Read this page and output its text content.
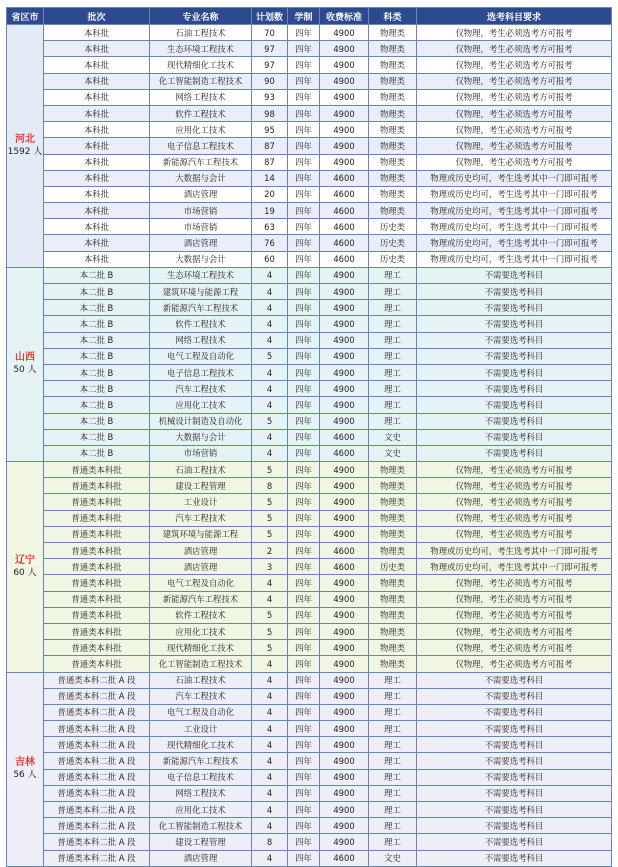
省区市	批次	专业名称	计划数	学制	收费标准	科类	选考科目要求

河北
1592 人	本科批	石油工程技术	70	四年	4900	物理类	仅物理，考生必须选考方可报考
	本科批	生态环境工程技术	97	四年	4900	物理类	仅物理，考生必须选考方可报考
	本科批	现代精细化工技术	97	四年	4900	物理类	仅物理，考生必须选考方可报考
	本科批	化工智能制造工程技术	90	四年	4900	物理类	仅物理，考生必须选考方可报考
	本科批	网络工程技术	93	四年	4900	物理类	仅物理，考生必须选考方可报考
	本科批	软件工程技术	98	四年	4900	物理类	仅物理，考生必须选考方可报考
	本科批	应用化工技术	95	四年	4900	物理类	仅物理，考生必须选考方可报考
	本科批	电子信息工程技术	87	四年	4900	物理类	仅物理，考生必须选考方可报考
	本科批	新能源汽车工程技术	87	四年	4900	物理类	仅物理，考生必须选考方可报考
	本科批	大数据与会计	14	四年	4600	物理类	物理或历史均可，考生选考其中一门即可报考
	本科批	酒店管理	20	四年	4600	物理类	物理或历史均可，考生选考其中一门即可报考
	本科批	市场营销	19	四年	4600	物理类	物理或历史均可，考生选考其中一门即可报考
	本科批	市场营销	63	四年	4600	历史类	物理或历史均可，考生选考其中一门即可报考
	本科批	酒店管理	76	四年	4600	历史类	物理或历史均可，考生选考其中一门即可报考
	本科批	大数据与会计	60	四年	4600	历史类	物理或历史均可，考生选考其中一门即可报考

山西
50 人	本二批 B	生态环境工程技术	4	四年	4900	理工	不需要选考科目
	本二批 B	建筑环境与能源工程	4	四年	4900	理工	不需要选考科目
	本二批 B	新能源汽车工程技术	4	四年	4900	理工	不需要选考科目
	本二批 B	软件工程技术	4	四年	4900	理工	不需要选考科目
	本二批 B	网络工程技术	4	四年	4900	理工	不需要选考科目
	本二批 B	电气工程及自动化	5	四年	4900	理工	不需要选考科目
	本二批 B	电子信息工程技术	4	四年	4900	理工	不需要选考科目
	本二批 B	汽车工程技术	4	四年	4900	理工	不需要选考科目
	本二批 B	应用化工技术	4	四年	4900	理工	不需要选考科目
	本二批 B	机械设计制造及自动化	5	四年	4900	理工	不需要选考科目
	本二批 B	大数据与会计	4	四年	4600	文史	不需要选考科目
	本二批 B	市场营销	4	四年	4600	文史	不需要选考科目

辽宁
60 人	普通类本科批	石油工程技术	5	四年	4900	物理类	仅物理，考生必须选考方可报考
	普通类本科批	建设工程管理	8	四年	4900	物理类	仅物理，考生必须选考方可报考
	普通类本科批	工业设计	5	四年	4900	物理类	仅物理，考生必须选考方可报考
	普通类本科批	汽车工程技术	5	四年	4900	物理类	仅物理，考生必须选考方可报考
	普通类本科批	建筑环境与能源工程	5	四年	4900	物理类	仅物理，考生必须选考方可报考
	普通类本科批	酒店管理	2	四年	4600	物理类	物理或历史均可，考生选考其中一门即可报考
	普通类本科批	酒店管理	3	四年	4600	历史类	物理或历史均可，考生选考其中一门即可报考
	普通类本科批	电气工程及自动化	4	四年	4900	物理类	仅物理，考生必须选考方可报考
	普通类本科批	新能源汽车工程技术	4	四年	4900	物理类	仅物理，考生必须选考方可报考
	普通类本科批	软件工程技术	5	四年	4900	物理类	仅物理，考生必须选考方可报考
	普通类本科批	应用化工技术	5	四年	4900	物理类	仅物理，考生必须选考方可报考
	普通类本科批	现代精细化工技术	5	四年	4900	物理类	仅物理，考生必须选考方可报考
	普通类本科批	化工智能制造工程技术	4	四年	4900	物理类	仅物理，考生必须选考方可报考

吉林
56 人	普通类本科二批 A 段	石油工程技术	4	四年	4900	理工	不需要选考科目
	普通类本科二批 A 段	汽车工程技术	4	四年	4900	理工	不需要选考科目
	普通类本科二批 A 段	电气工程及自动化	4	四年	4900	理工	不需要选考科目
	普通类本科二批 A 段	工业设计	4	四年	4900	理工	不需要选考科目
	普通类本科二批 A 段	现代精细化工技术	4	四年	4900	理工	不需要选考科目
	普通类本科二批 A 段	新能源汽车工程技术	4	四年	4900	理工	不需要选考科目
	普通类本科二批 A 段	电子信息工程技术	4	四年	4900	理工	不需要选考科目
	普通类本科二批 A 段	网络工程技术	4	四年	4900	理工	不需要选考科目
	普通类本科二批 A 段	应用化工技术	4	四年	4900	理工	不需要选考科目
	普通类本科二批 A 段	化工智能制造工程技术	4	四年	4900	理工	不需要选考科目
	普通类本科二批 A 段	建设工程管理	8	四年	4900	理工	不需要选考科目
	普通类本科二批 A 段	酒店管理	4	四年	4600	文史	不需要选考科目
